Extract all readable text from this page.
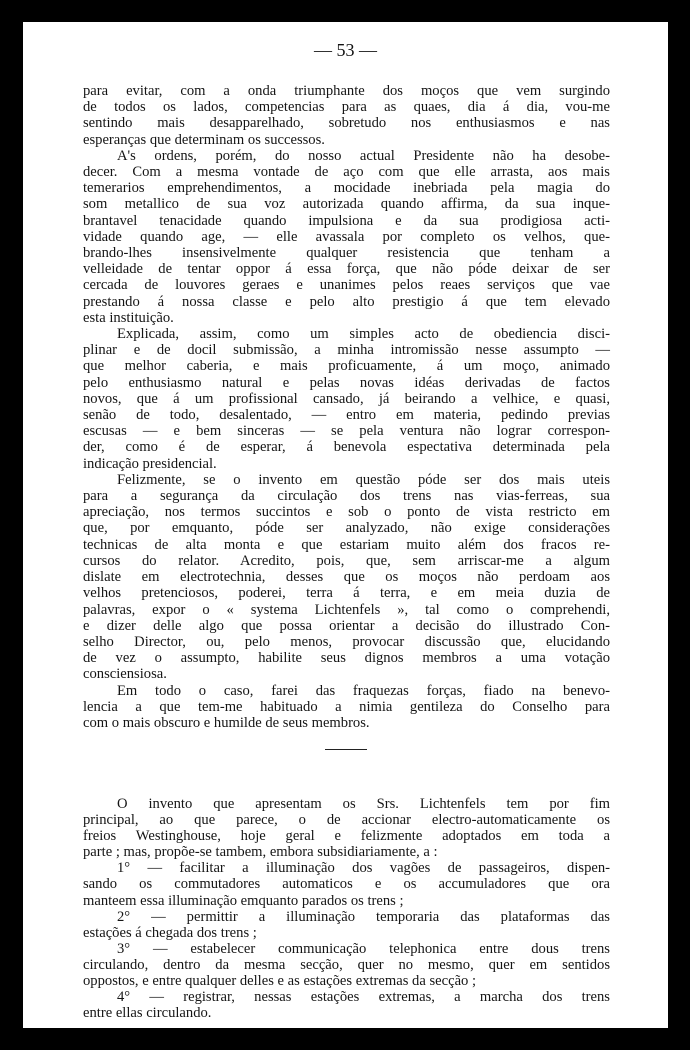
— 53 —
para evitar, com a onda triumphante dos moços que vem surgindo
de todos os lados, competencias para as quaes, dia á dia, vou-me
sentindo mais desapparelhado, sobretudo nos enthusiasmos e nas
esperanças que determinam os successos.
A's ordens, porém, do nosso actual Presidente não ha desobe-
decer. Com a mesma vontade de aço com que elle arrasta, aos mais
temerarios emprehendimentos, a mocidade inebriada pela magia do
som metallico de sua voz autorizada quando affirma, da sua inque-
brantavel tenacidade quando impulsiona e da sua prodigiosa acti-
vidade quando age, — elle avassala por completo os velhos, que-
brando-lhes insensivelmente qualquer resistencia que tenham a
velleidade de tentar oppor á essa força, que não póde deixar de ser
cercada de louvores geraes e unanimes pelos reaes serviços que vae
prestando á nossa classe e pelo alto prestigio á que tem elevado
esta instituição.
Explicada, assim, como um simples acto de obediencia disci-
plinar e de docil submissão, a minha intromissão nesse assumpto —
que melhor caberia, e mais proficuamente, á um moço, animado
pelo enthusiasmo natural e pelas novas idéas derivadas de factos
novos, que á um profissional cansado, já beirando a velhice, e quasi,
senão de todo, desalentado, — entro em materia, pedindo previas
escusas — e bem sinceras — se pela ventura não lograr correspon-
der, como é de esperar, á benevola espectativa determinada pela
indicação presidencial.
Felizmente, se o invento em questão póde ser dos mais uteis
para a segurança da circulação dos trens nas vias-ferreas, sua
apreciação, nos termos succintos e sob o ponto de vista restricto em
que, por emquanto, póde ser analyzado, não exige considerações
technicas de alta monta e que estariam muito além dos fracos re-
cursos do relator. Acredito, pois, que, sem arriscar-me a algum
dislate em electrotechnia, desses que os moços não perdoam aos
velhos pretenciosos, poderei, terra á terra, e em meia duzia de
palavras, expor o « systema Lichtenfels », tal como o comprehendi,
e dizer delle algo que possa orientar a decisão do illustrado Con-
selho Director, ou, pelo menos, provocar discussão que, elucidando
de vez o assumpto, habilite seus dignos membros a uma votação
consciensiosa.
Em todo o caso, farei das fraquezas forças, fiado na benevo-
lencia a que tem-me habituado a nimia gentileza do Conselho para
com o mais obscuro e humilde de seus membros.
O invento que apresentam os Srs. Lichtenfels tem por fim
principal, ao que parece, o de accionar electro-automaticamente os
freios Westinghouse, hoje geral e felizmente adoptados em toda a
parte ; mas, propõe-se tambem, embora subsidiariamente, a :
1° — facilitar a illuminação dos vagões de passageiros, dispen-
sando os commutadores automaticos e os accumuladores que ora
manteem essa illuminação emquanto parados os trens ;
2° — permittir a illuminação temporaria das plataformas das
estações á chegada dos trens ;
3° — estabelecer communicação telephonica entre dous trens
circulando, dentro da mesma secção, quer no mesmo, quer em sentidos
oppostos, e entre qualquer delles e as estações extremas da secção ;
4° — registrar, nessas estações extremas, a marcha dos trens
entre ellas circulando.
